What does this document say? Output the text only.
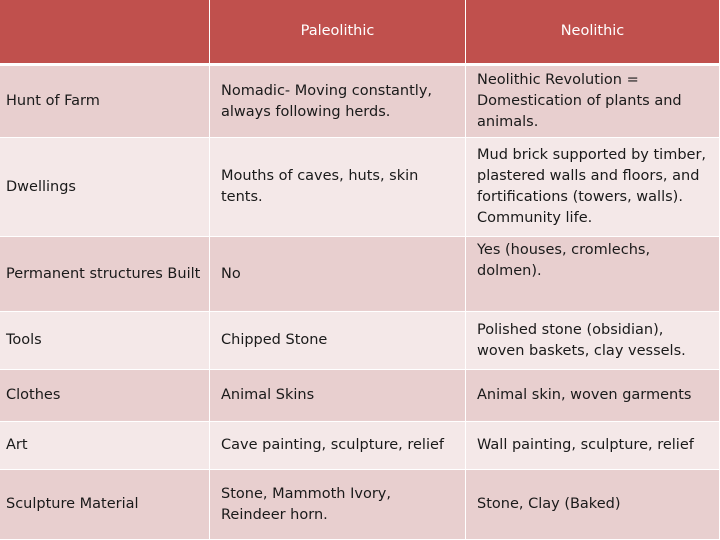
	Paleolithic	Neolithic
Hunt of Farm	Nomadic- Moving constantly, always following herds.	Neolithic Revolution = Domestication of plants and animals.
Dwellings	Mouths of caves, huts, skin tents.	Mud brick supported by timber, plastered walls and floors, and fortifications (towers, walls). Community life.
Permanent structures Built	No	Yes (houses, cromlechs, dolmen).
Tools	Chipped Stone	Polished stone (obsidian), woven baskets, clay vessels.
Clothes	Animal Skins	Animal skin, woven garments
Art	Cave painting, sculpture, relief	Wall painting, sculpture, relief
Sculpture Material	Stone, Mammoth Ivory, Reindeer horn.	Stone, Clay (Baked)
